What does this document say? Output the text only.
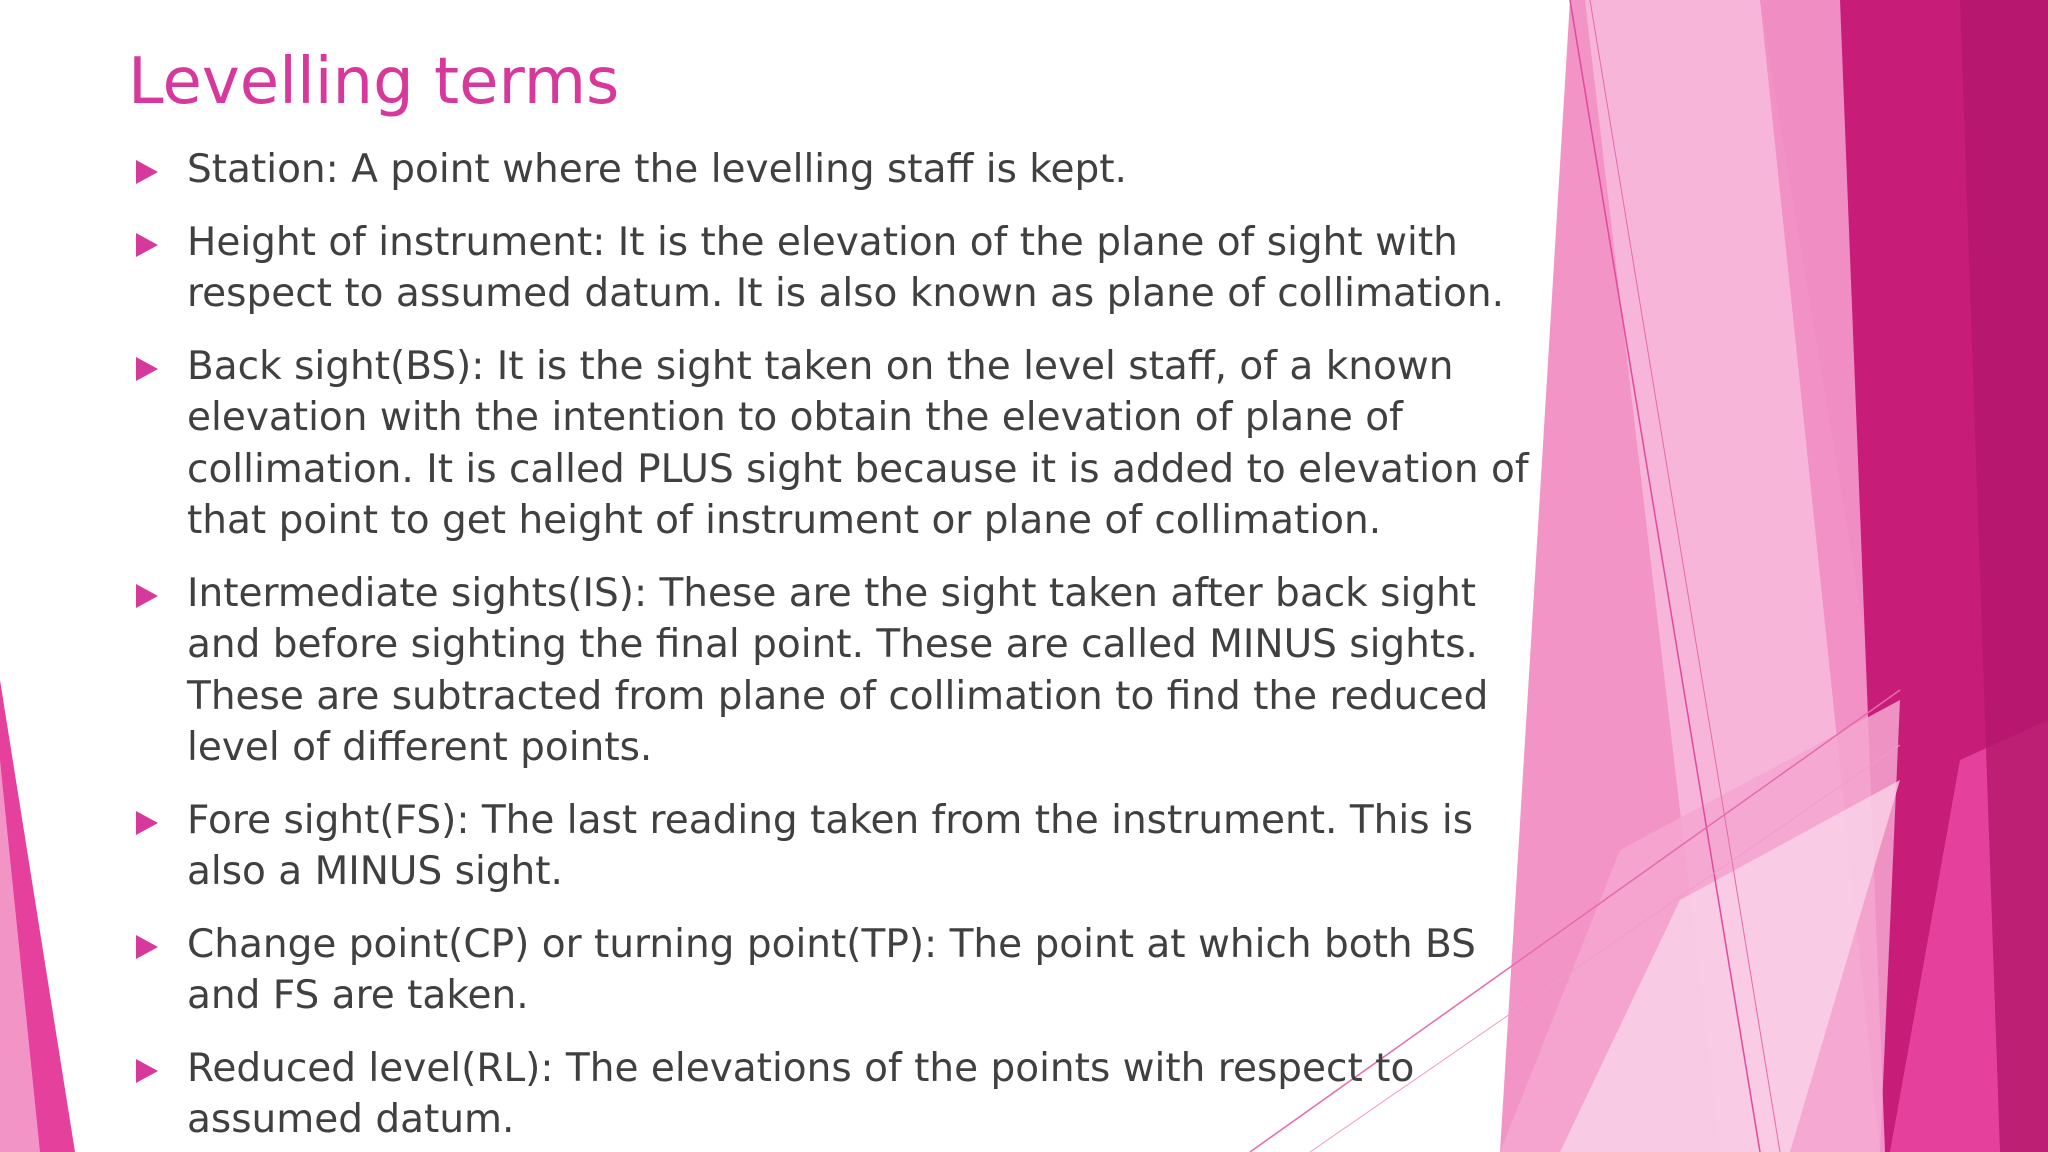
Levelling terms
Station: A point where the levelling staff is kept.
Height of instrument: It is the elevation of the plane of sight with respect to assumed datum. It is also known as plane of collimation.
Back sight(BS): It is the sight taken on the level staff, of a known elevation with the intention to obtain the elevation of plane of collimation. It is called PLUS sight because it is added to elevation of that point to get height of instrument or plane of collimation.
Intermediate sights(IS): These are the sight taken after back sight and before sighting the final point. These are called MINUS sights. These are subtracted from plane of collimation to find the reduced level of different points.
Fore sight(FS): The last reading taken from the instrument. This is also a MINUS sight.
Change point(CP) or turning point(TP): The point at which both BS and FS are taken.
Reduced level(RL): The elevations of the points with respect to assumed datum.
